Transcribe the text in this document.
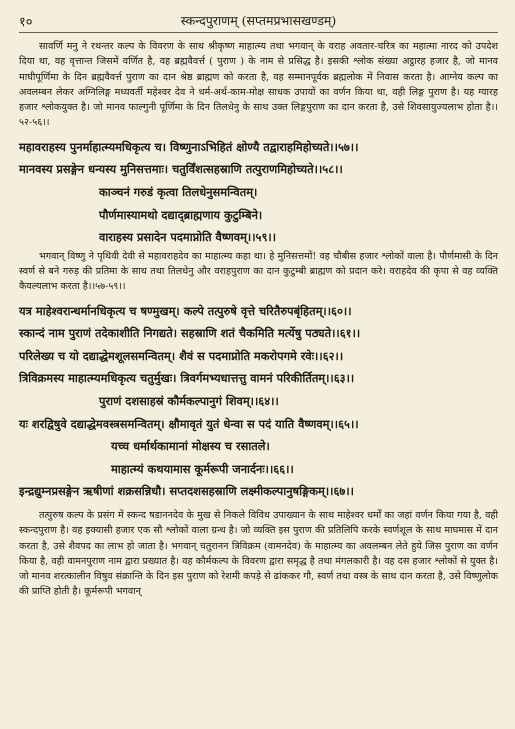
१०	स्कन्दपुराणम् (सप्तमप्रभासखण्डम्)

सावर्णि मनु ने रथन्तर कल्प के विवरण के साथ श्रीकृष्ण माहात्म्य तथा भगवान् के वराह अवतार-चरित्र का महात्मा नारद को उपदेश दिया था, वह वृत्तान्त जिसमें वर्णित है, वह ब्रह्मवैवर्त्त ( पुराण ) के नाम से प्रसिद्ध है। इसकी श्लोक संख्या अट्ठारह हजार है, जो मानव माघीपूर्णिमा के दिन ब्रह्मवैवर्त्त पुराण का दान श्रेष्ठ ब्राह्मण को करता है, वह सम्मानपूर्वक ब्रह्मलोक में निवास करता है। आग्नेय कल्प का अवलम्बन लेकर अग्निलिङ्ग मध्यवर्ती महेश्वर देव ने धर्म-अर्थ-काम-मोक्ष साधक उपायों का वर्णन किया था, वही लिङ्ग पुराण है। यह ग्यारह हजार श्लोकयुक्त है। जो मानव फाल्गुनी पूर्णिमा के दिन तिलधेनु के साथ उक्त लिङ्गपुराण का दान करता है, उसे शिवसायुज्यलाभ होता है।।५२-५६।।

महावराहस्य पुनर्माहात्म्यमधिकृत्य च। विष्णुनाऽभिहितं क्षोण्यै तद्वाराहमिहोच्यते।।५७।।

मानवस्य प्रसङ्गेन धन्यस्य मुनिसत्तमाः। चतुर्विंशत्सहस्राणि तत्पुराणमिहोच्यते।।५८।।

काञ्चनं गरुडं कृत्वा तिलधेनुसमन्वितम्।

पौर्णमास्यामथो दद्याद्ब्राह्मणाय कुटुम्बिने।

वाराहस्य प्रसादेन पदमाप्नोति वैष्णवम्।।५९।।

भगवान् विष्णु ने पृथिवी देवी से महावराहदेव का माहात्म्य कहा था। हे मुनिसत्तमों! वह चौबीस हजार श्लोकों वाला है। पौर्णमासी के दिन स्वर्ण से बने गरुड़ की प्रतिमा के साथ तथा तिलधेनु और वराहपुराण का दान कुटुम्बी ब्राह्मण को प्रदान करे। वराहदेव की कृपा से वह व्यक्ति कैवल्यलाभ करता है।।५७-५९।।

यत्र माहेश्वरान्धर्मानधिकृत्य च षण्मुखम्। कल्पे तत्पुरुषे वृत्ते चरितैरुपबृंहितम्।।६०।।

स्कान्दं नाम पुराणं तदेकाशीति निगद्यते। सहस्राणि शतं चैकमिति मर्त्येषु पठ्यते।।६१।।

परिलेख्य च यो दद्याद्धेमशूलसमन्वितम्। शैवं स पदमाप्नोति मकरोपगमे रवेः।।६२।।

त्रिविक्रमस्य माहात्म्यमधिकृत्य चतुर्मुखः। त्रिवर्गमभ्यधात्तत्तु वामनं परिकीर्तितम्।।६३।।

पुराणं दशसाहस्रं कौर्मकल्पानुगं शिवम्।।६४।।

यः शरद्विषुवे दद्याद्धेमवस्त्रसमन्वितम्। क्षौमावृतं युतं धेन्वा स पदं याति वैष्णवम्।।६५।।

यच्च धर्मार्थकामानां मोक्षस्य च रसातले।

माहात्म्यं कथयामास कूर्मरूपी जनार्दनः।।६६।।

इन्द्रद्युम्नप्रसङ्गेन ऋषीणां शक्रसन्निधौ। सप्तदशसहस्राणि लक्ष्मीकल्पानुषङ्गिकम्।।६७।।

तत्पुरुष कल्प के प्रसंग में स्कन्द षडाननदेव के मुख से निकले विविध उपाख्यान के साथ माहेश्वर धर्मों का जहां वर्णन किया गया है, वही स्कन्दपुराण है। वह इक्यासी हजार एक सौ श्लोकों वाला ग्रन्थ है। जो व्यक्ति इस पुराण की प्रतिलिपि करके स्वर्णशूल के साथ माघमास में दान करता है, उसे शैवपद का लाभ हो जाता है। भगवान् चतुरानन त्रिविक्रम (वामनदेव) के माहात्म्य का अवलम्बन लेते हुये जिस पुराण का वर्णन किया है, वही वामनपुराण नाम द्वारा प्रख्यात है। वह कौर्मकल्प के विवरण द्वारा समृद्ध है तथा मंगलकारी है। वह दस हजार श्लोकों से युक्त है। जो मानव शरत्कालीन विषुव संक्रान्ति के दिन इस पुराण को रेशमी कपड़े से ढांककर गौ, स्वर्ण तथा वस्त्र के साथ दान करता है, उसे विष्णुलोक की प्राप्ति होती है। कूर्मरूपी भगवान्
